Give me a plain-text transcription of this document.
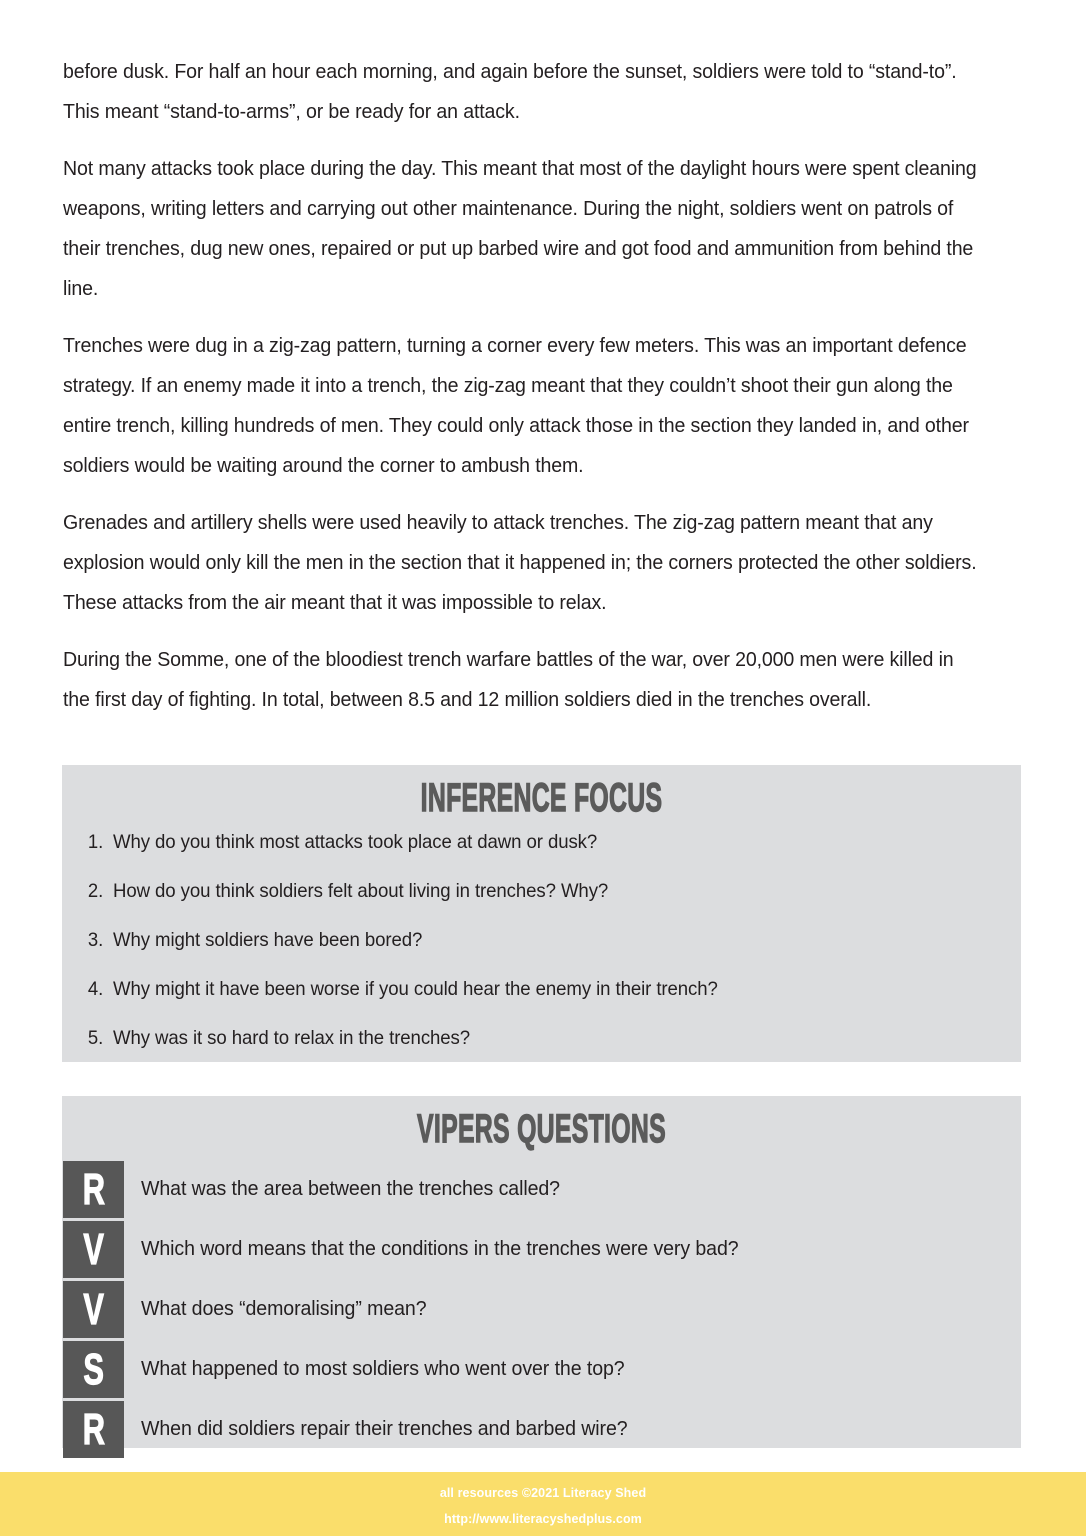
before dusk. For half an hour each morning, and again before the sunset, soldiers were told to “stand-to”. This meant “stand-to-arms”, or be ready for an attack.

Not many attacks took place during the day. This meant that most of the daylight hours were spent cleaning weapons, writing letters and carrying out other maintenance. During the night, soldiers went on patrols of their trenches, dug new ones, repaired or put up barbed wire and got food and ammunition from behind the line.

Trenches were dug in a zig-zag pattern, turning a corner every few meters. This was an important defence strategy. If an enemy made it into a trench, the zig-zag meant that they couldn’t shoot their gun along the entire trench, killing hundreds of men. They could only attack those in the section they landed in, and other soldiers would be waiting around the corner to ambush them.

Grenades and artillery shells were used heavily to attack trenches. The zig-zag pattern meant that any explosion would only kill the men in the section that it happened in; the corners protected the other soldiers. These attacks from the air meant that it was impossible to relax.

During the Somme, one of the bloodiest trench warfare battles of the war, over 20,000 men were killed in the first day of fighting. In total, between 8.5 and 12 million soldiers died in the trenches overall.

INFERENCE FOCUS
1. Why do you think most attacks took place at dawn or dusk?
2. How do you think soldiers felt about living in trenches? Why?
3. Why might soldiers have been bored?
4. Why might it have been worse if you could hear the enemy in their trench?
5. Why was it so hard to relax in the trenches?
VIPERS QUESTIONS
R	What was the area between the trenches called?
V	Which word means that the conditions in the trenches were very bad?
V	What does “demoralising” mean?
S	What happened to most soldiers who went over the top?
R	When did soldiers repair their trenches and barbed wire?
all resources ©2021 Literacy Shed
http://www.literacyshedplus.com
